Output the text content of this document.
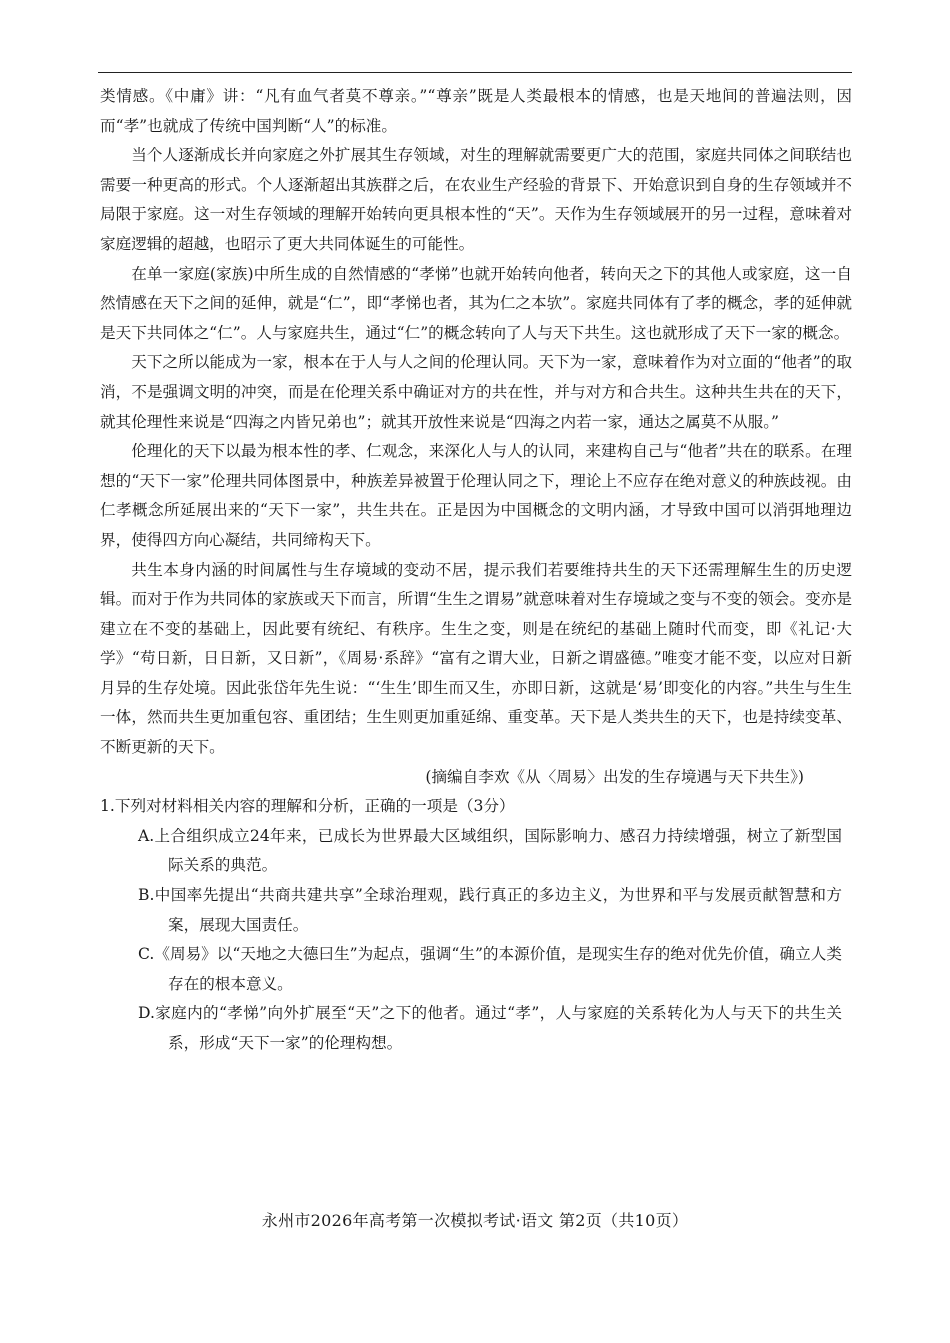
类情感。《中庸》讲：“凡有血气者莫不尊亲。”“尊亲”既是人类最根本的情感，也是天地间的普遍法则，因而“孝”也就成了传统中国判断“人”的标准。

当个人逐渐成长并向家庭之外扩展其生存领域，对生的理解就需要更广大的范围，家庭共同体之间联结也需要一种更高的形式。个人逐渐超出其族群之后，在农业生产经验的背景下、开始意识到自身的生存领域并不局限于家庭。这一对生存领域的理解开始转向更具根本性的“天”。天作为生存领域展开的另一过程，意味着对家庭逻辑的超越，也昭示了更大共同体诞生的可能性。

在单一家庭(家族)中所生成的自然情感的“孝悌”也就开始转向他者，转向天之下的其他人或家庭，这一自然情感在天下之间的延伸，就是“仁”，即“孝悌也者，其为仁之本欤”。家庭共同体有了孝的概念，孝的延伸就是天下共同体之“仁”。人与家庭共生，通过“仁”的概念转向了人与天下共生。这也就形成了天下一家的概念。

天下之所以能成为一家，根本在于人与人之间的伦理认同。天下为一家，意味着作为对立面的“他者”的取消，不是强调文明的冲突，而是在伦理关系中确证对方的共在性，并与对方和合共生。这种共生共在的天下，就其伦理性来说是“四海之内皆兄弟也”；就其开放性来说是“四海之内若一家，通达之属莫不从服。”

伦理化的天下以最为根本性的孝、仁观念，来深化人与人的认同，来建构自己与“他者”共在的联系。在理想的“天下一家”伦理共同体图景中，种族差异被置于伦理认同之下，理论上不应存在绝对意义的种族歧视。由仁孝概念所延展出来的“天下一家”，共生共在。正是因为中国概念的文明内涵，才导致中国可以消弭地理边界，使得四方向心凝结，共同缔构天下。

共生本身内涵的时间属性与生存境域的变动不居，提示我们若要维持共生的天下还需理解生生的历史逻辑。而对于作为共同体的家族或天下而言，所谓“生生之谓易”就意味着对生存境域之变与不变的领会。变亦是建立在不变的基础上，因此要有统纪、有秩序。生生之变，则是在统纪的基础上随时代而变，即《礼记·大学》“苟日新，日日新，又日新”，《周易·系辞》“富有之谓大业，日新之谓盛德。”唯变才能不变，以应对日新月异的生存处境。因此张岱年先生说：“‘生生’即生而又生，亦即日新，这就是‘易’即变化的内容。”共生与生生一体，然而共生更加重包容、重团结；生生则更加重延绵、重变革。天下是人类共生的天下，也是持续变革、不断更新的天下。

(摘编自李欢《从〈周易〉出发的生存境遇与天下共生》)

1.下列对材料相关内容的理解和分析，正确的一项是（3分）

A.上合组织成立24年来，已成长为世界最大区域组织，国际影响力、感召力持续增强，树立了新型国际关系的典范。

B.中国率先提出“共商共建共享”全球治理观，践行真正的多边主义，为世界和平与发展贡献智慧和方案，展现大国责任。

C.《周易》以“天地之大德曰生”为起点，强调“生”的本源价值，是现实生存的绝对优先价值，确立人类存在的根本意义。

D.家庭内的“孝悌”向外扩展至“天”之下的他者。通过“孝”，人与家庭的关系转化为人与天下的共生关系，形成“天下一家”的伦理构想。

永州市2026年高考第一次模拟考试·语文 第2页（共10页）
